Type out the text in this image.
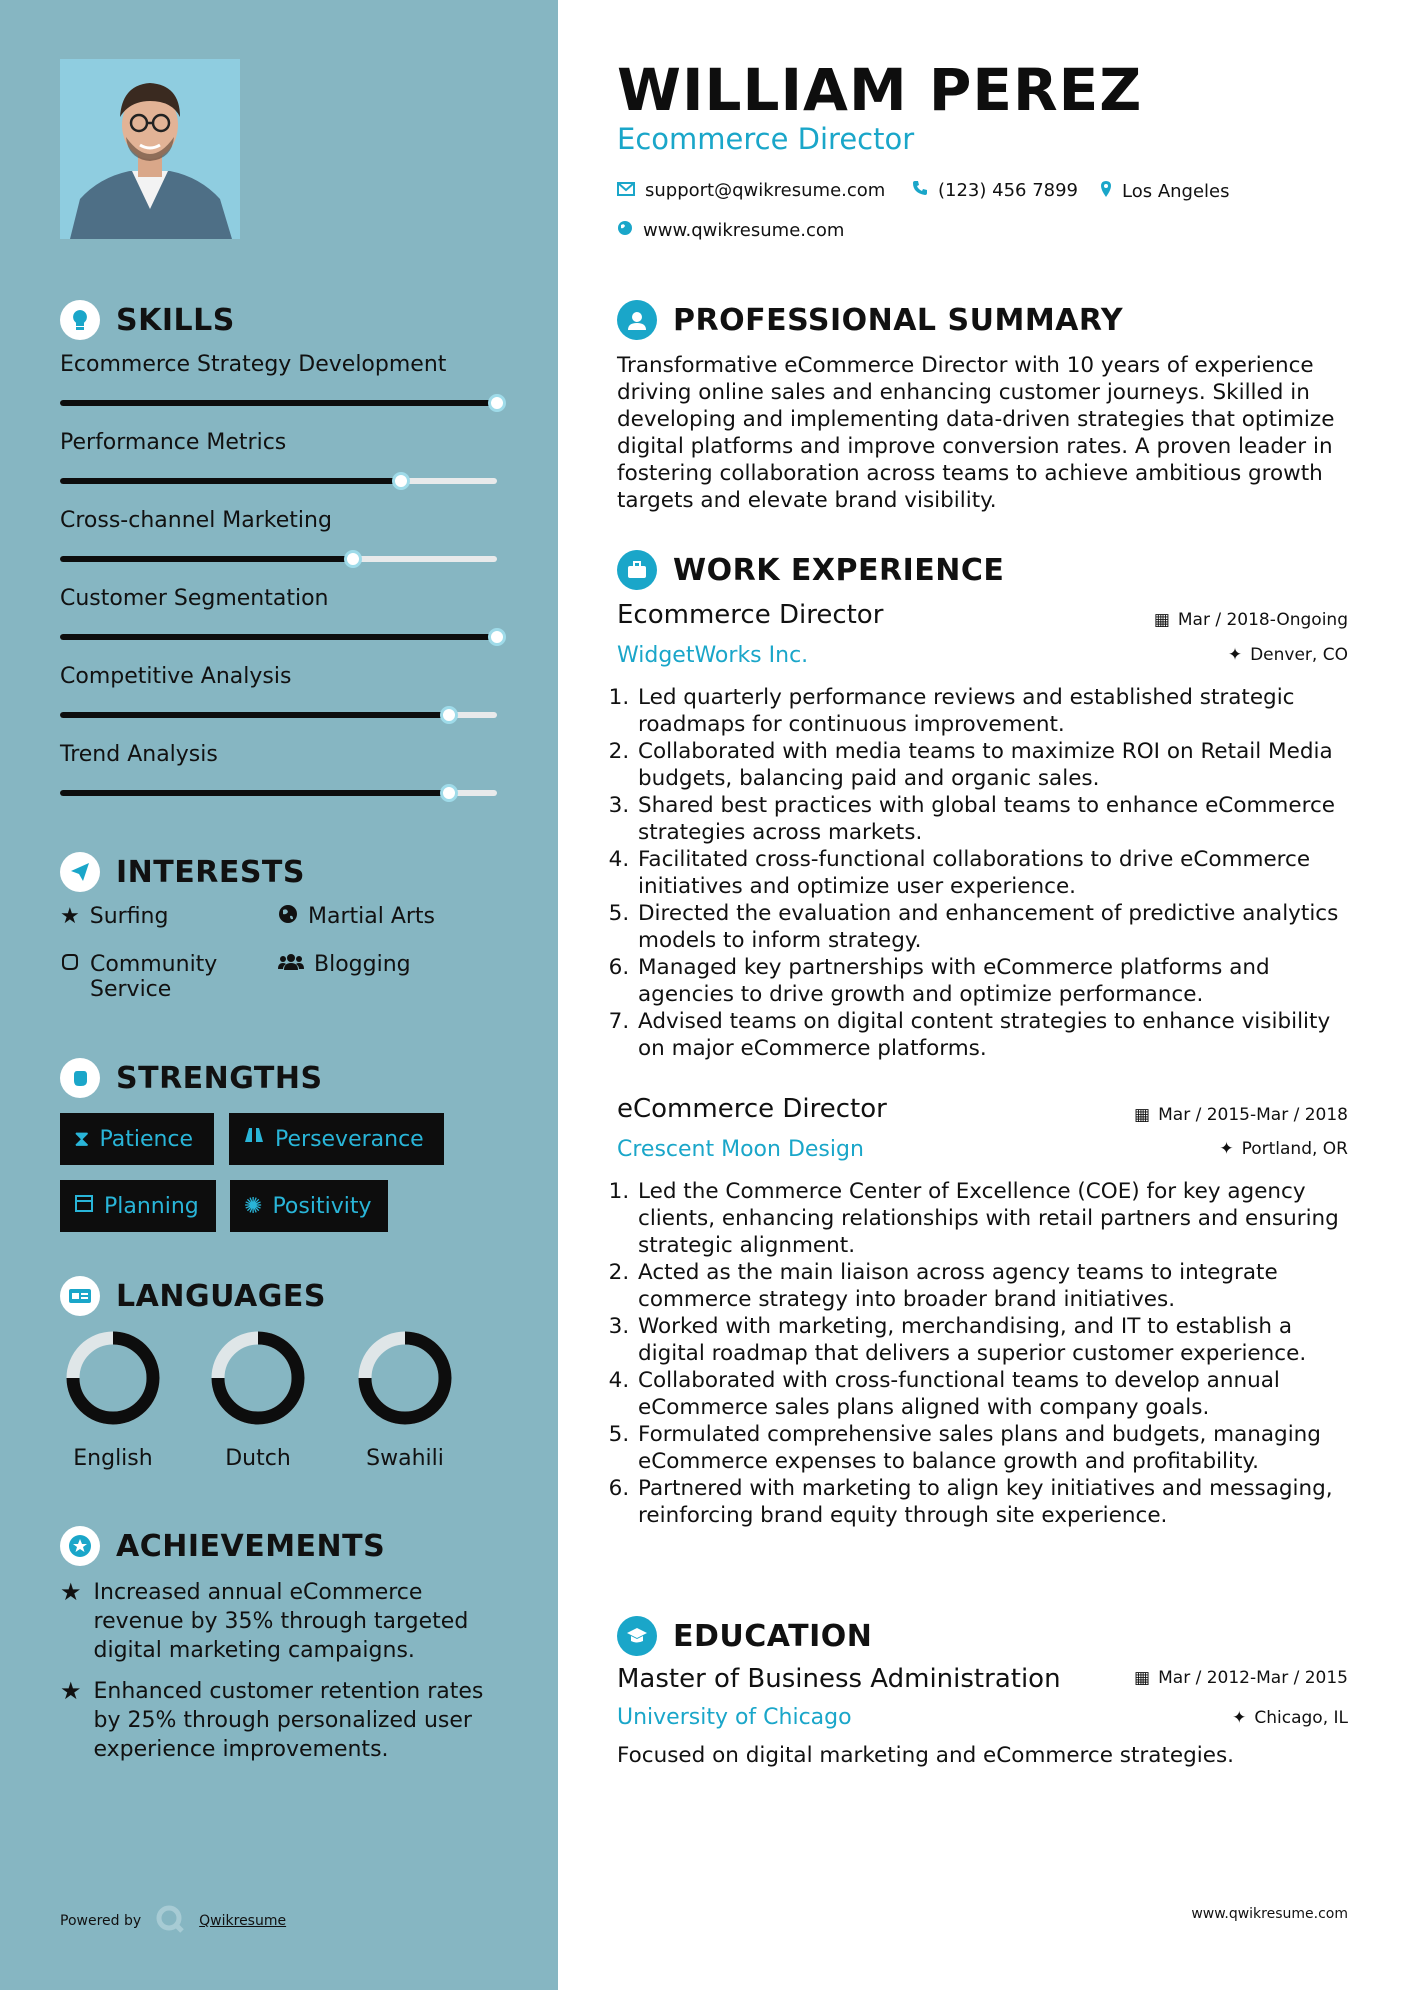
SKILLS
Ecommerce Strategy Development
Performance Metrics
Cross-channel Marketing
Customer Segmentation
Competitive Analysis
Trend Analysis
INTERESTS
★ Surfing	Martial Arts
Community Service
Blogging
STRENGTHS
⧗ Patience	Perseverance
Planning ✺ Positivity
LANGUAGES
English	Dutch	Swahili
ACHIEVEMENTS
★ Increased annual eCommerce revenue by 35% through targeted digital marketing campaigns.
★ Enhanced customer retention rates by 25% through personalized user experience improvements.
Powered by	Qwikresume
WILLIAM PEREZ
Ecommerce Director
support@qwikresume.com	(123) 456 7899 Los Angeles
www.qwikresume.com
PROFESSIONAL SUMMARY
Transformative eCommerce Director with 10 years of experience driving online sales and enhancing customer journeys. Skilled in developing and implementing data-driven strategies that optimize digital platforms and improve conversion rates. A proven leader in fostering collaboration across teams to achieve ambitious growth targets and elevate brand visibility.
WORK EXPERIENCE
Ecommerce Director	▦ Mar / 2018-Ongoing
WidgetWorks Inc.	✦ Denver, CO
1. Led quarterly performance reviews and established strategic roadmaps for continuous improvement.
2. Collaborated with media teams to maximize ROI on Retail Media budgets, balancing paid and organic sales.
3. Shared best practices with global teams to enhance eCommerce strategies across markets.
4. Facilitated cross-functional collaborations to drive eCommerce initiatives and optimize user experience.
5. Directed the evaluation and enhancement of predictive analytics models to inform strategy.
6. Managed key partnerships with eCommerce platforms and agencies to drive growth and optimize performance.
7. Advised teams on digital content strategies to enhance visibility on major eCommerce platforms.
eCommerce Director	▦ Mar / 2015-Mar / 2018
Crescent Moon Design	✦ Portland, OR
1. Led the Commerce Center of Excellence (COE) for key agency clients, enhancing relationships with retail partners and ensuring strategic alignment.
2. Acted as the main liaison across agency teams to integrate commerce strategy into broader brand initiatives.
3. Worked with marketing, merchandising, and IT to establish a digital roadmap that delivers a superior customer experience.
4. Collaborated with cross-functional teams to develop annual eCommerce sales plans aligned with company goals.
5. Formulated comprehensive sales plans and budgets, managing eCommerce expenses to balance growth and profitability.
6. Partnered with marketing to align key initiatives and messaging, reinforcing brand equity through site experience.
EDUCATION
Master of Business Administration	▦ Mar / 2012-Mar / 2015
University of Chicago	✦ Chicago, IL
Focused on digital marketing and eCommerce strategies.
www.qwikresume.com
